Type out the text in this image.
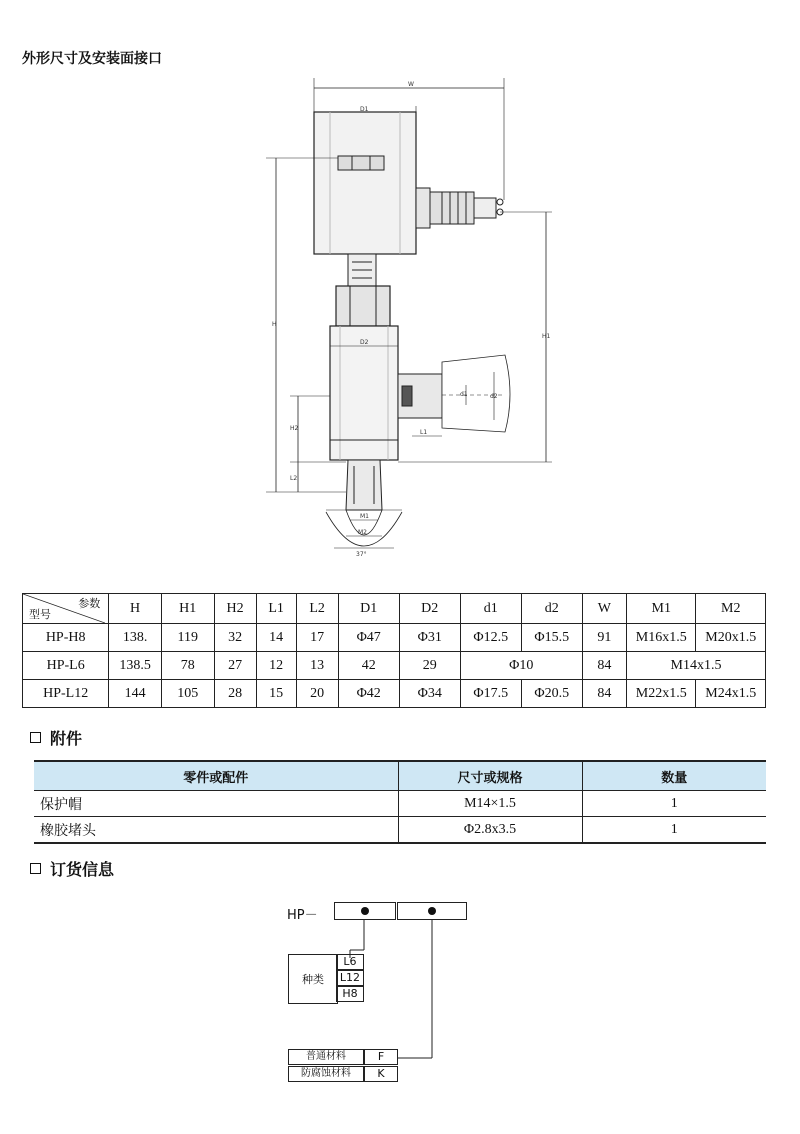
外形尺寸及安装面接口
W
D1
H
H1
D2
d1	d2
L1
H2
L2
M1
M2
37°
参数
型号	H	H1	H2	L1	L2	D1	D2	d1	d2	W	M1	M2
HP-H8	138.	119	32	14	17	Φ47	Φ31	Φ12.5	Φ15.5	91	M16x1.5	M20x1.5
HP-L6	138.5	78	27	12	13	42	29	Φ10		84	M14x1.5	
HP-L12	144	105	28	15	20	Φ42	Φ34	Φ17.5	Φ20.5	84	M22x1.5	M24x1.5
附件
零件或配件	尺寸或规格	数量
保护帽	M14×1.5	1
橡胶堵头	Φ2.8x3.5	1
订货信息
HP－
种类
L6
L12
H8
普通材料	F
防腐蚀材料	K
